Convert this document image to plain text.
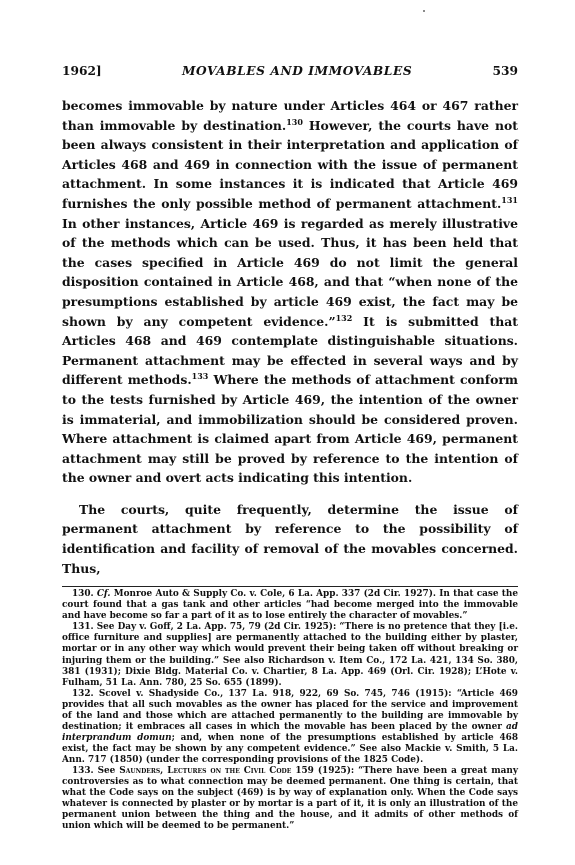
1962]	MOVABLES AND IMMOVABLES	539
becomes immovable by nature under Articles 464 or 467 rather than immovable by destination.$^{130}$ However, the courts have not been always consistent in their interpretation and application of Articles 468 and 469 in connection with the issue of permanent attachment. In some instances it is indicated that Article 469 furnishes the only possible method of permanent attachment.$^{131}$ In other instances, Article 469 is regarded as merely illustrative of the methods which can be used. Thus, it has been held that the cases specified in Article 469 do not limit the general disposition contained in Article 468, and that “when none of the presumptions established by article 469 exist, the fact may be shown by any competent evidence.”$^{132}$ It is submitted that Articles 468 and 469 contemplate distinguishable situations. Permanent attachment may be effected in several ways and by different methods.$^{133}$ Where the methods of attachment conform to the tests furnished by Article 469, the intention of the owner is immaterial, and immobilization should be considered proven. Where attachment is claimed apart from Article 469, permanent attachment may still be proved by reference to the intention of the owner and overt acts indicating this intention.
The courts, quite frequently, determine the issue of permanent attachment by reference to the possibility of identification and facility of removal of the movables concerned. Thus,

130. Cf. Monroe Auto & Supply Co. v. Cole, 6 La. App. 337 (2d Cir. 1927). In that case the court found that a gas tank and other articles “had become merged into the immovable and have become so far a part of it as to lose entirely the character of movables.”

131. See Day v. Goff, 2 La. App. 75, 79 (2d Cir. 1925): “There is no pretence that they [i.e. office furniture and supplies] are permanently attached to the building either by plaster, mortar or in any other way which would prevent their being taken off without breaking or injuring them or the building.” See also Richardson v. Item Co., 172 La. 421, 134 So. 380, 381 (1931); Dixie Bldg. Material Co. v. Chartier, 8 La. App. 469 (Orl. Cir. 1928); L’Hote v. Fulham, 51 La. Ann. 780, 25 So. 655 (1899).

132. Scovel v. Shadyside Co., 137 La. 918, 922, 69 So. 745, 746 (1915): “Article 469 provides that all such movables as the owner has placed for the service and improvement of the land and those which are attached permanently to the building are immovable by destination; it embraces all cases in which the movable has been placed by the owner ad interprandum domun; and, when none of the presumptions established by article 468 exist, the fact may be shown by any competent evidence.” See also Mackie v. Smith, 5 La. Ann. 717 (1850) (under the corresponding provisions of the 1825 Code).

133. See Saunders, Lectures on the Civil Code 159 (1925): “There have been a great many controversies as to what connection may be deemed permanent. One thing is certain, that what the Code says on the subject (469) is by way of explanation only. When the Code says whatever is connected by plaster or by mortar is a part of it, it is only an illustration of the permanent union between the thing and the house, and it admits of other methods of union which will be deemed to be permanent.”
